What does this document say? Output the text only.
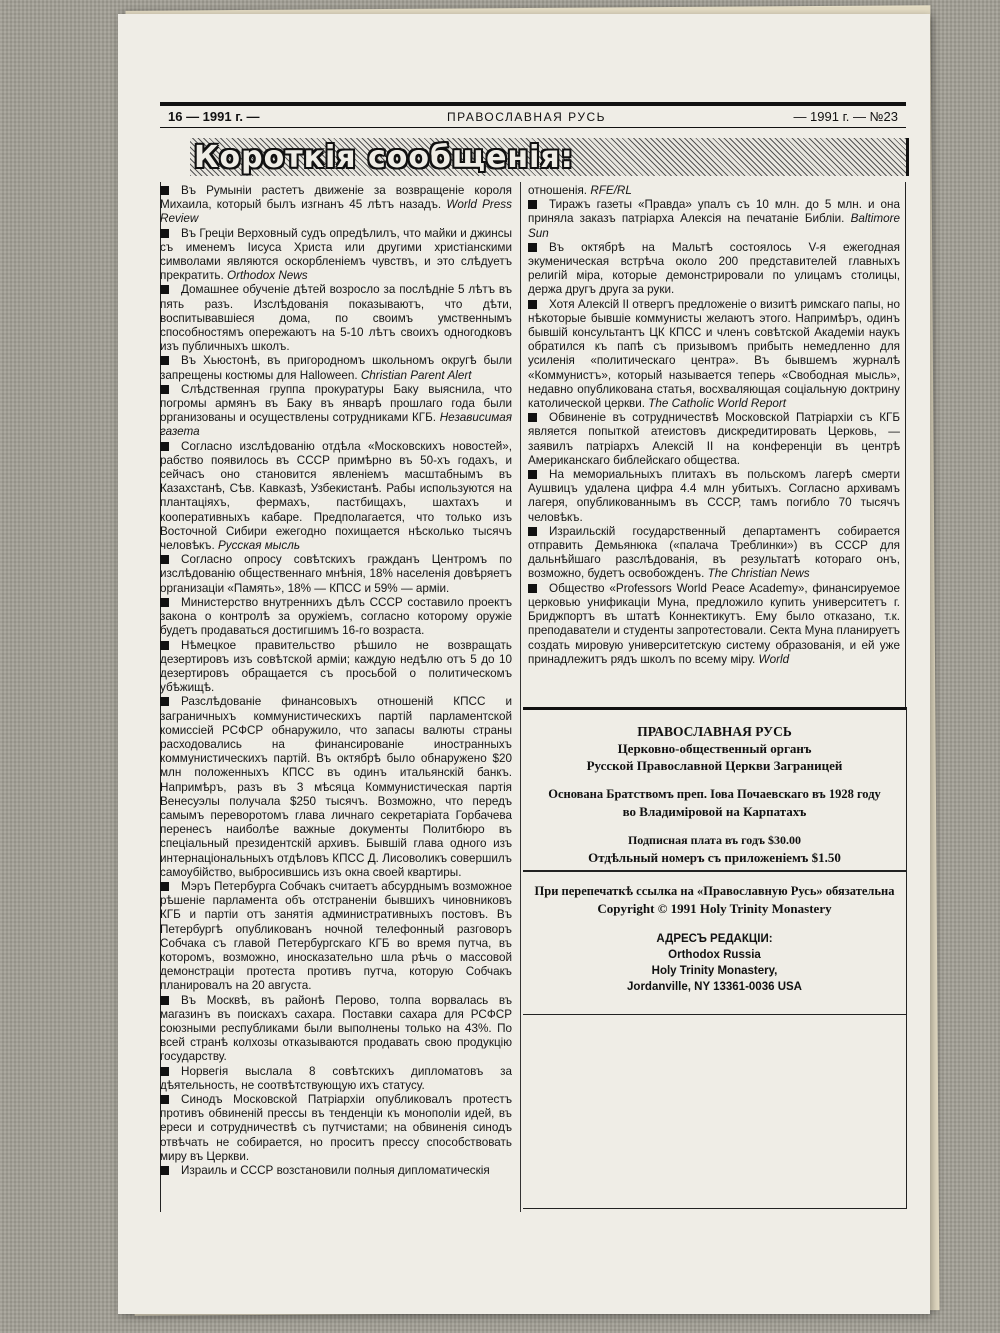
16 — 1991 г. —	ПРАВОСЛАВНАЯ РУСЬ	— 1991 г. — №23
Короткія сообщенія:

Въ Румыніи растетъ движеніе за возвращеніе короля Михаила, который былъ изгнанъ 45 лѣтъ назадъ. World Press Review

Въ Греціи Верховный судъ опредѣлилъ, что майки и джинсы съ именемъ Іисуса Христа или другими христіанскими символами являются оскорбленіемъ чувствъ, и это слѣдуетъ прекратить. Orthodox News

Домашнее обученіе дѣтей возросло за послѣдніе 5 лѣтъ въ пять разъ. Изслѣдованія показываютъ, что дѣти, воспитывавшіеся дома, по своимъ умственнымъ способностямъ опережаютъ на 5-10 лѣтъ своихъ одногодковъ изъ публичныхъ школъ.

Въ Хьюстонѣ, въ пригородномъ школьномъ округѣ были запрещены костюмы для Halloween. Christian Parent Alert

Слѣдственная группа прокуратуры Баку выяснила, что погромы армянъ въ Баку въ январѣ прошлаго года были организованы и осуществлены сотрудниками КГБ. Независимая газета

Согласно изслѣдованію отдѣла «Московскихъ новостей», рабство появилось въ СССР примѣрно въ 50-хъ годахъ, и сейчасъ оно становится явленіемъ масштабнымъ въ Казахстанѣ, Сѣв. Кавказѣ, Узбекистанѣ. Рабы используются на плантаціяхъ, фермахъ, пастбищахъ, шахтахъ и кооперативныхъ кабаре. Предполагается, что только изъ Восточной Сибири ежегодно похищается нѣсколько тысячъ человѣкъ. Русская мысль

Согласно опросу совѣтскихъ гражданъ Центромъ по изслѣдованію общественнаго мнѣнія, 18% населенія довѣряетъ организаціи «Память», 18% — КПСС и 59% — арміи.

Министерство внутреннихъ дѣлъ СССР составило проектъ закона о контролѣ за оружіемъ, согласно которому оружіе будетъ продаваться достигшимъ 16-го возраста.

Нѣмецкое правительство рѣшило не возвращать дезертировъ изъ совѣтской арміи; каждую недѣлю отъ 5 до 10 дезертировъ обращается съ просьбой о политическомъ убѣжищѣ.

Разслѣдованіе финансовыхъ отношеній КПСС и заграничныхъ коммунистическихъ партій парламентской комиссіей РСФСР обнаружило, что запасы валюты страны расходовались на финансированіе иностранныхъ коммунистическихъ партій. Въ октябрѣ было обнаружено $20 млн положенныхъ КПСС въ одинъ итальянскій банкъ. Напримѣръ, разъ въ 3 мѣсяца Коммунистическая партія Венесуэлы получала $250 тысячъ. Возможно, что передъ самымъ переворотомъ глава личнаго секретаріата Горбачева перенесъ наиболѣе важные документы Политбюро въ спеціальный президентскій архивъ. Бывшій глава одного изъ интернаціональныхъ отдѣловъ КПСС Д. Лисоволикъ совершилъ самоубійство, выбросившись изъ окна своей квартиры.

Мэръ Петербурга Собчакъ считаетъ абсурднымъ возможное рѣшеніе парламента объ отстраненіи бывшихъ чиновниковъ КГБ и партіи отъ занятія административныхъ постовъ. Въ Петербургѣ опубликованъ ночной телефонный разговоръ Собчака съ главой Петербургскаго КГБ во время путча, въ которомъ, возможно, иносказательно шла рѣчь о массовой демонстраціи протеста противъ путча, которую Собчакъ планировалъ на 20 августа.

Въ Москвѣ, въ районѣ Перово, толпа ворвалась въ магазинъ въ поискахъ сахара. Поставки сахара для РСФСР союзными республиками были выполнены только на 43%. По всей странѣ колхозы отказываются продавать свою продукцію государству.

Норвегія выслала 8 совѣтскихъ дипломатовъ за дѣятельность, не соотвѣтствующую ихъ статусу.

Синодъ Московской Патріархіи опубликовалъ протестъ противъ обвиненій прессы въ тенденціи къ монополіи идей, въ ереси и сотрудничествѣ съ путчистами; на обвиненія синодъ отвѣчать не собирается, но проситъ прессу способствовать миру въ Церкви.

Израиль и СССР возстановили полныя дипломатическія

отношенія. RFE/RL

Тиражъ газеты «Правда» упалъ съ 10 млн. до 5 млн. и она приняла заказъ патріарха Алексія на печатаніе Библіи. Baltimore Sun

Въ октябрѣ на Мальтѣ состоялось V-я ежегодная экуменическая встрѣча около 200 представителей главныхъ религій міра, которые демонстрировали по улицамъ столицы, держа другъ друга за руки.

Хотя Алексій II отвергъ предложеніе о визитѣ римскаго папы, но нѣкоторые бывшіе коммунисты желаютъ этого. Напримѣръ, одинъ бывшій консультантъ ЦК КПСС и членъ совѣтской Академіи наукъ обратился къ папѣ съ призывомъ прибыть немедленно для усиленія «политическаго центра». Въ бывшемъ журналѣ «Коммунистъ», который называется теперь «Свободная мысль», недавно опубликована статья, восхваляющая соціальную доктрину католической церкви. The Catholic World Report

Обвиненіе въ сотрудничествѣ Московской Патріархіи съ КГБ является попыткой атеистовъ дискредитировать Церковь, — заявилъ патріархъ Алексій II на конференціи въ центрѣ Американскаго библейскаго общества.

На мемориальныхъ плитахъ въ польскомъ лагерѣ смерти Аушвицъ удалена цифра 4.4 млн убитыхъ. Согласно архивамъ лагеря, опубликованнымъ въ СССР, тамъ погибло 70 тысячъ человѣкъ.

Израильскій государственный департаментъ собирается отправить Демьянюка («палача Треблинки») въ СССР для дальнѣйшаго разслѣдованія, въ результатѣ котораго онъ, возможно, будетъ освобожденъ. The Christian News

Общество «Professors World Peace Academy», финансируемое церковью унификаціи Муна, предложило купить университетъ г. Бриджпортъ въ штатѣ Коннектикутъ. Ему было отказано, т.к. преподаватели и студенты запротестовали. Секта Муна планируетъ создать мировую университетскую систему образованія, и ей уже принадлежитъ рядъ школъ по всему міру. World

ПРАВОСЛАВНАЯ РУСЬ
Церковно-общественный органъ
Русской Православной Церкви Заграницей
Основана Братствомъ преп. Іова Почаевскаго въ 1928 году
во Владиміровой на Карпатахъ
Подписная плата въ годъ $30.00
Отдѣльный номеръ съ приложеніемъ $1.50
При перепечаткѣ ссылка на «Православную Русь» обязательна
Copyright © 1991 Holy Trinity Monastery
АДРЕСЪ РЕДАКЦІИ:
Orthodox Russia
Holy Trinity Monastery,
Jordanville, NY 13361-0036 USA
